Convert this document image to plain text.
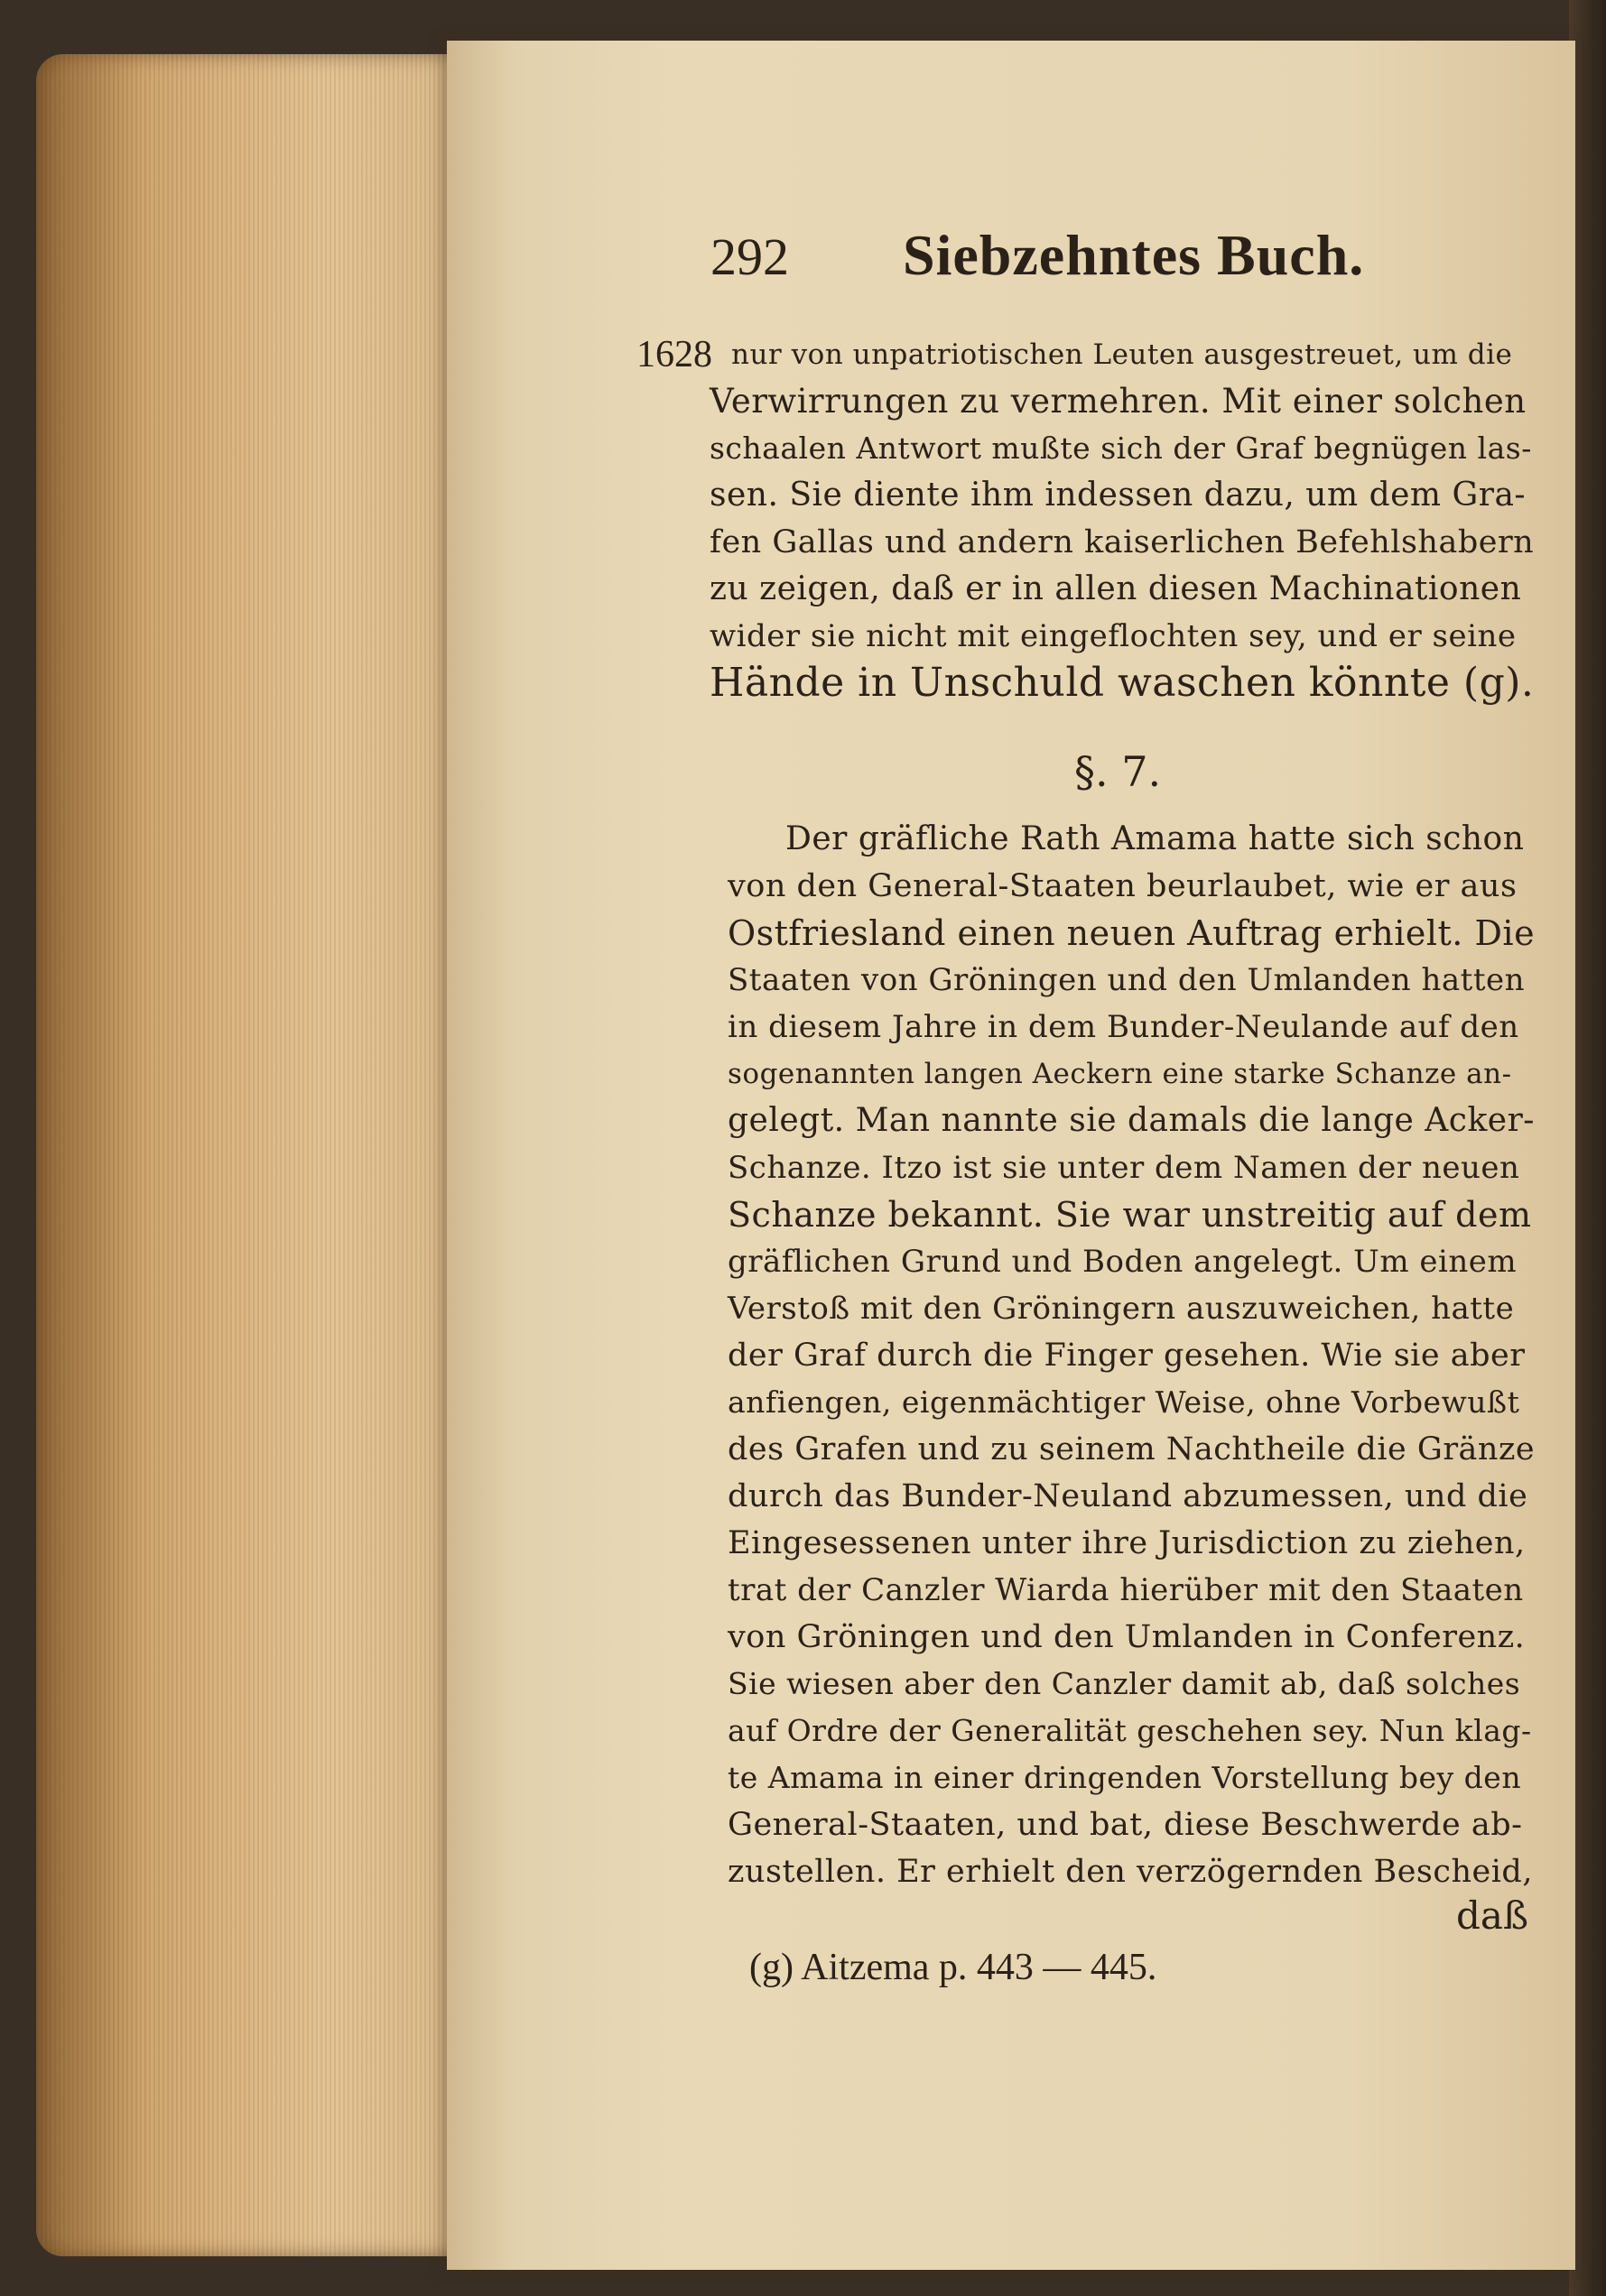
292 Siebzehntes Buch.
1628 nur von unpatriotischen Leuten ausgestreuet, um die
Verwirrungen zu vermehren. Mit einer solchen
schaalen Antwort mußte sich der Graf begnügen las-
sen. Sie diente ihm indessen dazu, um dem Gra-
fen Gallas und andern kaiserlichen Befehlshabern
zu zeigen, daß er in allen diesen Machinationen
wider sie nicht mit eingeflochten sey, und er seine
Hände in Unschuld waschen könnte (g).
§. 7.
Der gräfliche Rath Amama hatte sich schon
von den General-Staaten beurlaubet, wie er aus
Ostfriesland einen neuen Auftrag erhielt. Die
Staaten von Gröningen und den Umlanden hatten
in diesem Jahre in dem Bunder-Neulande auf den
sogenannten langen Aeckern eine starke Schanze an-
gelegt. Man nannte sie damals die lange Acker-
Schanze. Itzo ist sie unter dem Namen der neuen
Schanze bekannt. Sie war unstreitig auf dem
gräflichen Grund und Boden angelegt. Um einem
Verstoß mit den Gröningern auszuweichen, hatte
der Graf durch die Finger gesehen. Wie sie aber
anfiengen, eigenmächtiger Weise, ohne Vorbewußt
des Grafen und zu seinem Nachtheile die Gränze
durch das Bunder-Neuland abzumessen, und die
Eingesessenen unter ihre Jurisdiction zu ziehen,
trat der Canzler Wiarda hierüber mit den Staaten
von Gröningen und den Umlanden in Conferenz.
Sie wiesen aber den Canzler damit ab, daß solches
auf Ordre der Generalität geschehen sey. Nun klag-
te Amama in einer dringenden Vorstellung bey den
General-Staaten, und bat, diese Beschwerde ab-
zustellen. Er erhielt den verzögernden Bescheid,
daß
(g) Aitzema p. 443 — 445.
